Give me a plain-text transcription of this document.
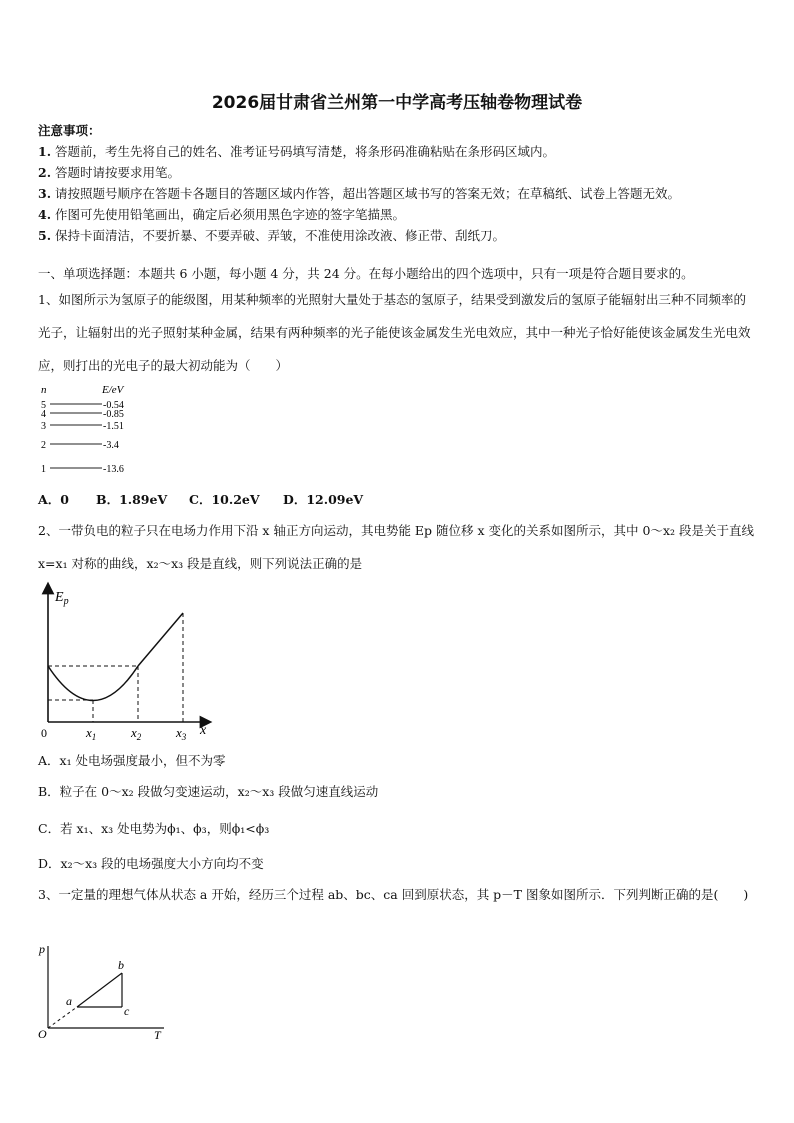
2026届甘肃省兰州第一中学高考压轴卷物理试卷
注意事项：
1. 答题前，考生先将自己的姓名、准考证号码填写清楚，将条形码准确粘贴在条形码区域内。
2. 答题时请按要求用笔。
3. 请按照题号顺序在答题卡各题目的答题区域内作答，超出答题区域书写的答案无效；在草稿纸、试卷上答题无效。
4. 作图可先使用铅笔画出，确定后必须用黑色字迹的签字笔描黑。
5. 保持卡面清洁，不要折暴、不要弄破、弄皱，不准使用涂改液、修正带、刮纸刀。
一、单项选择题：本题共 6 小题，每小题 4 分，共 24 分。在每小题给出的四个选项中，只有一项是符合题目要求的。
1、如图所示为氢原子的能级图，用某种频率的光照射大量处于基态的氢原子，结果受到激发后的氢原子能辐射出三种不同频率的光子，让辐射出的光子照射某种金属，结果有两种频率的光子能使该金属发生光电效应，其中一种光子恰好能使该金属发生光电效应，则打出的光电子的最大初动能为（　　）
n	E/eV
5	-0.54
4	-0.85
3	-1.51
2	-3.4
1	-13.6
A．0 B．1.89eV C．10.2eV D．12.09eV
2、一带负电的粒子只在电场力作用下沿 x 轴正方向运动，其电势能 Ep 随位移 x 变化的关系如图所示，其中 0～x₂ 段是关于直线 x=x₁ 对称的曲线，x₂～x₃ 段是直线，则下列说法正确的是
$E_p$
0	$x_1$	$x_2$	$x_3$ x
A．x₁ 处电场强度最小，但不为零
B．粒子在 0～x₂ 段做匀变速运动，x₂～x₃ 段做匀速直线运动
C．若 x₁、x₃ 处电势为ϕ₁、ϕ₃，则ϕ₁<ϕ₃
D．x₂～x₃ 段的电场强度大小方向均不变
3、一定量的理想气体从状态 a 开始，经历三个过程 ab、bc、ca 回到原状态，其 p－T 图象如图所示．下列判断正确的是(　　)
p
T
O
a
b
c
